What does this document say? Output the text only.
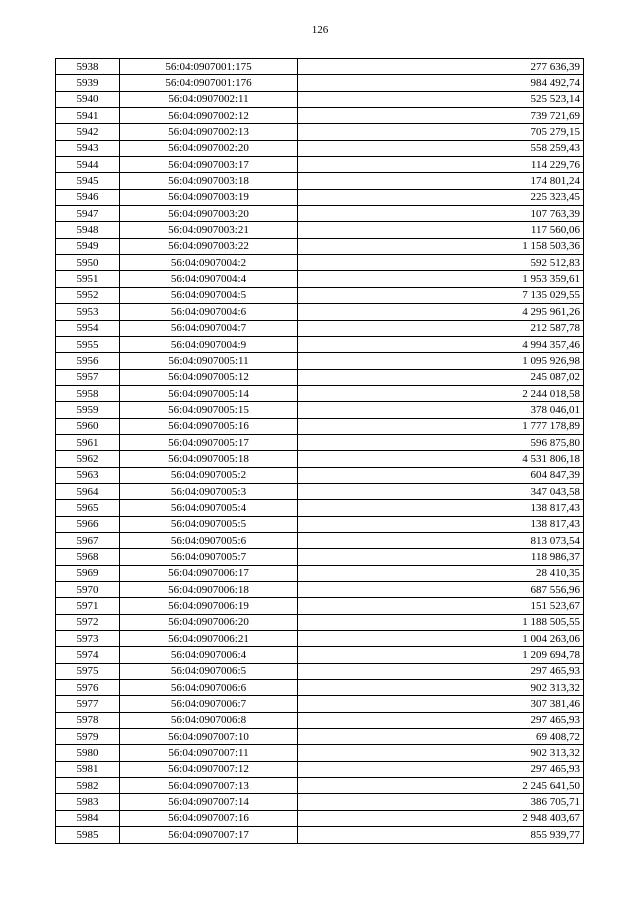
126
5938	56:04:0907001:175	277 636,39
5939	56:04:0907001:176	984 492,74
5940	56:04:0907002:11	525 523,14
5941	56:04:0907002:12	739 721,69
5942	56:04:0907002:13	705 279,15
5943	56:04:0907002:20	558 259,43
5944	56:04:0907003:17	114 229,76
5945	56:04:0907003:18	174 801,24
5946	56:04:0907003:19	225 323,45
5947	56:04:0907003:20	107 763,39
5948	56:04:0907003:21	117 560,06
5949	56:04:0907003:22	1 158 503,36
5950	56:04:0907004:2	592 512,83
5951	56:04:0907004:4	1 953 359,61
5952	56:04:0907004:5	7 135 029,55
5953	56:04:0907004:6	4 295 961,26
5954	56:04:0907004:7	212 587,78
5955	56:04:0907004:9	4 994 357,46
5956	56:04:0907005:11	1 095 926,98
5957	56:04:0907005:12	245 087,02
5958	56:04:0907005:14	2 244 018,58
5959	56:04:0907005:15	378 046,01
5960	56:04:0907005:16	1 777 178,89
5961	56:04:0907005:17	596 875,80
5962	56:04:0907005:18	4 531 806,18
5963	56:04:0907005:2	604 847,39
5964	56:04:0907005:3	347 043,58
5965	56:04:0907005:4	138 817,43
5966	56:04:0907005:5	138 817,43
5967	56:04:0907005:6	813 073,54
5968	56:04:0907005:7	118 986,37
5969	56:04:0907006:17	28 410,35
5970	56:04:0907006:18	687 556,96
5971	56:04:0907006:19	151 523,67
5972	56:04:0907006:20	1 188 505,55
5973	56:04:0907006:21	1 004 263,06
5974	56:04:0907006:4	1 209 694,78
5975	56:04:0907006:5	297 465,93
5976	56:04:0907006:6	902 313,32
5977	56:04:0907006:7	307 381,46
5978	56:04:0907006:8	297 465,93
5979	56:04:0907007:10	69 408,72
5980	56:04:0907007:11	902 313,32
5981	56:04:0907007:12	297 465,93
5982	56:04:0907007:13	2 245 641,50
5983	56:04:0907007:14	386 705,71
5984	56:04:0907007:16	2 948 403,67
5985	56:04:0907007:17	855 939,77
